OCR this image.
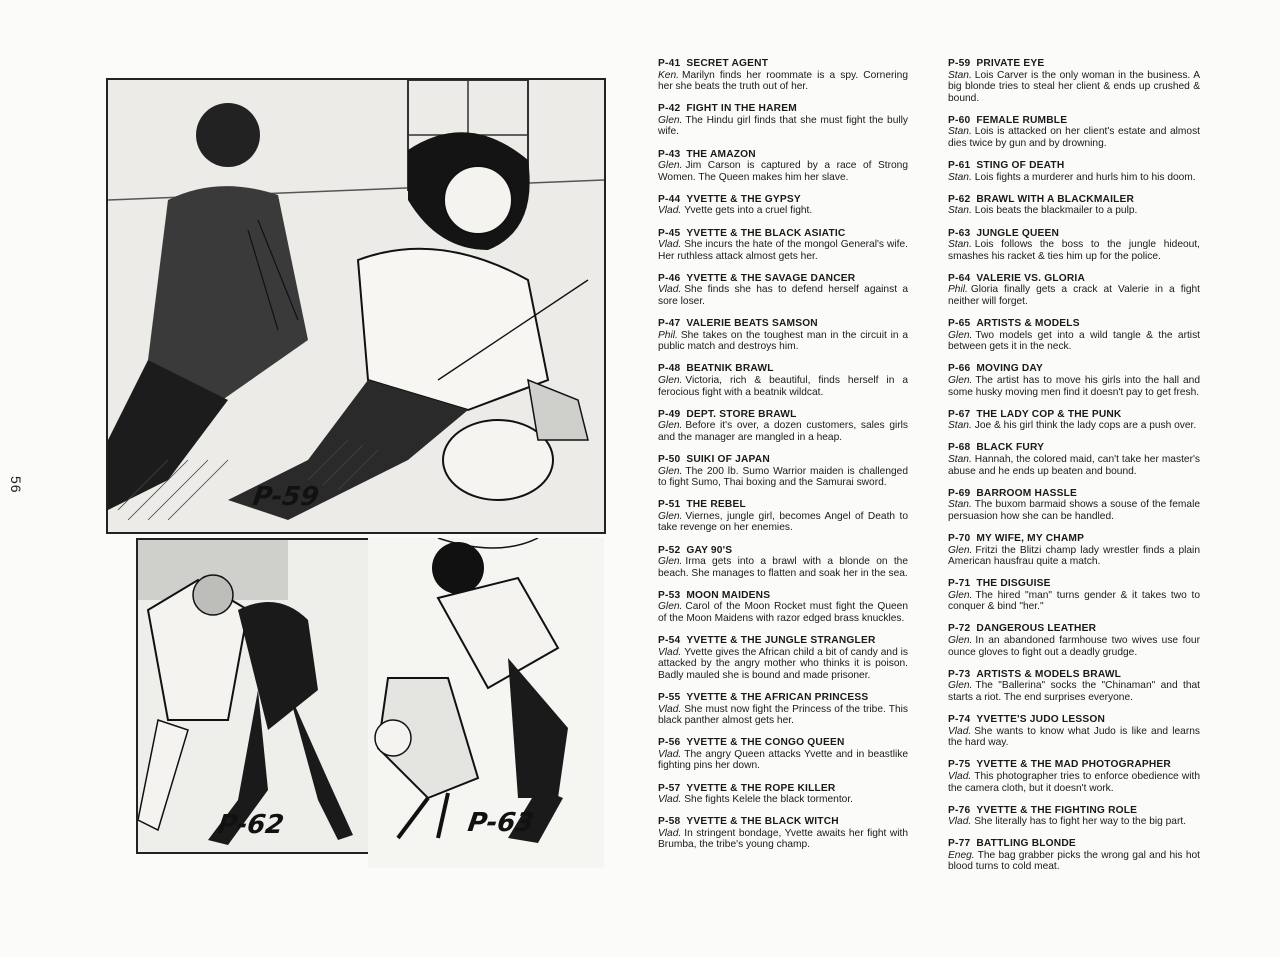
56	P-59
P-62	P-63
P-41 SECRET AGENT
Ken. Marilyn finds her roommate is a spy. Cornering her she beats the truth out of her.
P-42 FIGHT IN THE HAREM
Glen. The Hindu girl finds that she must fight the bully wife.
P-43 THE AMAZON
Glen. Jim Carson is captured by a race of Strong Women. The Queen makes him her slave.
P-44 YVETTE & THE GYPSY
Vlad. Yvette gets into a cruel fight.
P-45 YVETTE & THE BLACK ASIATIC
Vlad. She incurs the hate of the mongol General's wife. Her ruthless attack almost gets her.
P-46 YVETTE & THE SAVAGE DANCER
Vlad. She finds she has to defend herself against a sore loser.
P-47 VALERIE BEATS SAMSON
Phil. She takes on the toughest man in the circuit in a public match and destroys him.
P-48 BEATNIK BRAWL
Glen. Victoria, rich & beautiful, finds herself in a ferocious fight with a beatnik wildcat.
P-49 DEPT. STORE BRAWL
Glen. Before it's over, a dozen customers, sales girls and the manager are mangled in a heap.
P-50 SUIKI OF JAPAN
Glen. The 200 lb. Sumo Warrior maiden is challenged to fight Sumo, Thai boxing and the Samurai sword.
P-51 THE REBEL
Glen. Viernes, jungle girl, becomes Angel of Death to take revenge on her enemies.
P-52 GAY 90'S
Glen. Irma gets into a brawl with a blonde on the beach. She manages to flatten and soak her in the sea.
P-53 MOON MAIDENS
Glen. Carol of the Moon Rocket must fight the Queen of the Moon Maidens with razor edged brass knuckles.
P-54 YVETTE & THE JUNGLE STRANGLER
Vlad. Yvette gives the African child a bit of candy and is attacked by the angry mother who thinks it is poison. Badly mauled she is bound and made prisoner.
P-55 YVETTE & THE AFRICAN PRINCESS
Vlad. She must now fight the Princess of the tribe. This black panther almost gets her.
P-56 YVETTE & THE CONGO QUEEN
Vlad. The angry Queen attacks Yvette and in beastlike fighting pins her down.
P-57 YVETTE & THE ROPE KILLER
Vlad. She fights Kelele the black tormentor.
P-58 YVETTE & THE BLACK WITCH
Vlad. In stringent bondage, Yvette awaits her fight with Brumba, the tribe's young champ.
P-59 PRIVATE EYE
Stan. Lois Carver is the only woman in the business. A big blonde tries to steal her client & ends up crushed & bound.
P-60 FEMALE RUMBLE
Stan. Lois is attacked on her client's estate and almost dies twice by gun and by drowning.
P-61 STING OF DEATH
Stan. Lois fights a murderer and hurls him to his doom.
P-62 BRAWL WITH A BLACKMAILER
Stan. Lois beats the blackmailer to a pulp.
P-63 JUNGLE QUEEN
Stan. Lois follows the boss to the jungle hideout, smashes his racket & ties him up for the police.
P-64 VALERIE VS. GLORIA
Phil. Gloria finally gets a crack at Valerie in a fight neither will forget.
P-65 ARTISTS & MODELS
Glen. Two models get into a wild tangle & the artist between gets it in the neck.
P-66 MOVING DAY
Glen. The artist has to move his girls into the hall and some husky moving men find it doesn't pay to get fresh.
P-67 THE LADY COP & THE PUNK
Stan. Joe & his girl think the lady cops are a push over.
P-68 BLACK FURY
Stan. Hannah, the colored maid, can't take her master's abuse and he ends up beaten and bound.
P-69 BARROOM HASSLE
Stan. The buxom barmaid shows a souse of the female persuasion how she can be handled.
P-70 MY WIFE, MY CHAMP
Glen. Fritzi the Blitzi champ lady wrestler finds a plain American hausfrau quite a match.
P-71 THE DISGUISE
Glen. The hired "man" turns gender & it takes two to conquer & bind "her."
P-72 DANGEROUS LEATHER
Glen. In an abandoned farmhouse two wives use four ounce gloves to fight out a deadly grudge.
P-73 ARTISTS & MODELS BRAWL
Glen. The "Ballerina" socks the "Chinaman" and that starts a riot. The end surprises everyone.
P-74 YVETTE'S JUDO LESSON
Vlad. She wants to know what Judo is like and learns the hard way.
P-75 YVETTE & THE MAD PHOTOGRAPHER
Vlad. This photographer tries to enforce obedience with the camera cloth, but it doesn't work.
P-76 YVETTE & THE FIGHTING ROLE
Vlad. She literally has to fight her way to the big part.
P-77 BATTLING BLONDE
Eneg. The bag grabber picks the wrong gal and his hot blood turns to cold meat.
